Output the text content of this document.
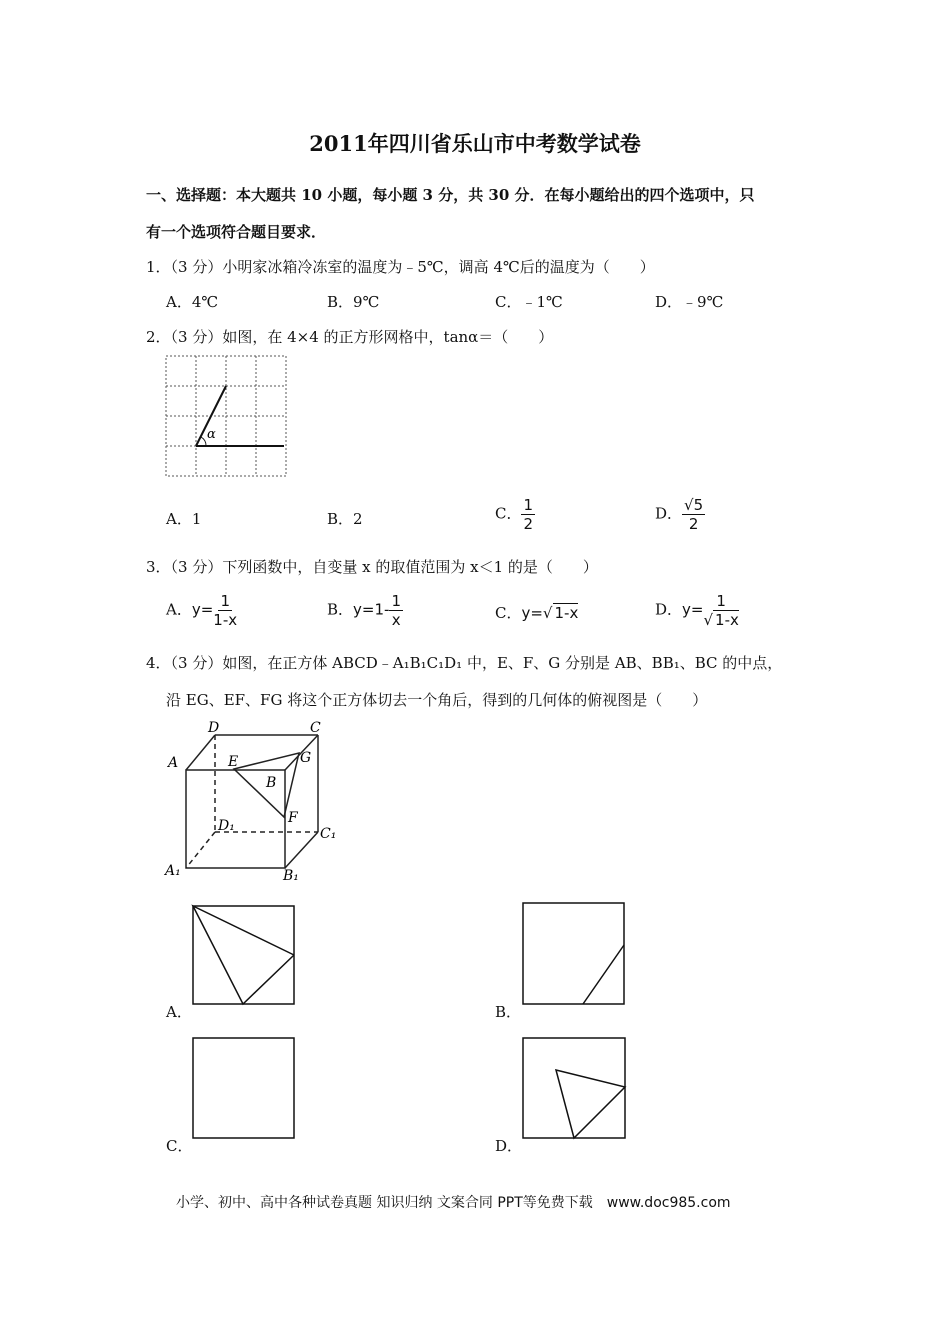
2011年四川省乐山市中考数学试卷
一、选择题：本大题共 10 小题，每小题 3 分，共 30 分．在每小题给出的四个选项中，只
有一个选项符合题目要求．
1．（3 分）小明家冰箱冷冻室的温度为﹣5℃，调高 4℃后的温度为（　　）
A．4℃	B．9℃	C．﹣1℃	D．﹣9℃
2．（3 分）如图，在 4×4 的正方形网格中，tanα＝（　　）
α
A．1	B．2	C． $\frac{1}{2}$	D． $\frac{√5}{2}$
3．（3 分）下列函数中，自变量 x 的取值范围为 x＜1 的是（　　）
A．$y= \frac{1}{1-x}$	B．$y=1- \frac{1}{x}$	C．y=√ 1-x	D．$y= \frac{1}{√ 1-x}$
4．（3 分）如图，在正方体 ABCD﹣A₁B₁C₁D₁ 中，E、F、G 分别是 AB、BB₁、BC 的中点，
沿 EG、EF、FG 将这个正方体切去一个角后，得到的几何体的俯视图是（　　）
D	C
A	E	G
B
F
D₁	C₁
A₁	B₁
A．	B．
C．	D．
小学、初中、高中各种试卷真题 知识归纳 文案合同 PPT等免费下载　www.doc985.com
